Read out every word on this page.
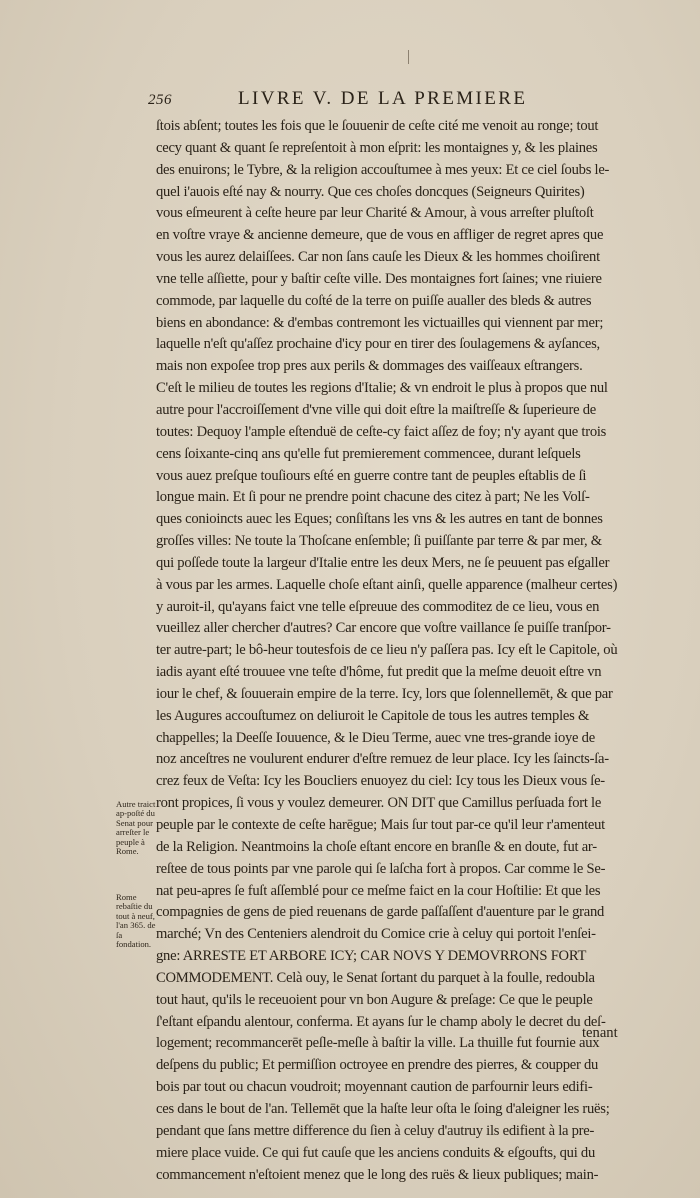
256	LIVRE V. DE LA PREMIERE
ſtois abſent; toutes les fois que le ſouuenir de ceſte cité me venoit au ronge; tout
cecy quant & quant ſe repreſentoit à mon eſprit: les montaignes y, & les plaines
des enuirons; le Tybre, & la religion accouſtumee à mes yeux: Et ce ciel ſoubs le-
quel i'auois eſté nay & nourry. Que ces choſes doncques (Seigneurs Quirites)
vous eſmeurent à ceſte heure par leur Charité & Amour, à vous arreſter pluſtoſt
en voſtre vraye & ancienne demeure, que de vous en affliger de regret apres que
vous les aurez delaiſſees. Car non ſans cauſe les Dieux & les hommes choiſirent
vne telle aſſiette, pour y baſtir ceſte ville. Des montaignes fort ſaines; vne riuiere
commode, par laquelle du coſté de la terre on puiſſe aualler des bleds & autres
biens en abondance: & d'embas contremont les victuailles qui viennent par mer;
laquelle n'eſt qu'aſſez prochaine d'icy pour en tirer des ſoulagemens & ayſances,
mais non expoſee trop pres aux perils & dommages des vaiſſeaux eſtrangers.
C'eſt le milieu de toutes les regions d'Italie; & vn endroit le plus à propos que nul
autre pour l'accroiſſement d'vne ville qui doit eſtre la maiſtreſſe & ſuperieure de
toutes: Dequoy l'ample eſtenduë de ceſte-cy faict aſſez de foy; n'y ayant que trois
cens ſoixante-cinq ans qu'elle fut premierement commencee, durant leſquels
vous auez preſque touſiours eſté en guerre contre tant de peuples eſtablis de ſi
longue main. Et ſi pour ne prendre point chacune des citez à part; Ne les Volſ-
ques conioincts auec les Eques; conſiſtans les vns & les autres en tant de bonnes
groſſes villes: Ne toute la Thoſcane enſemble; ſi puiſſante par terre & par mer, &
qui poſſede toute la largeur d'Italie entre les deux Mers, ne ſe peuuent pas eſgaller
à vous par les armes. Laquelle choſe eſtant ainſi, quelle apparence (malheur certes)
y auroit-il, qu'ayans faict vne telle eſpreuue des commoditez de ce lieu, vous en
vueillez aller chercher d'autres? Car encore que voſtre vaillance ſe puiſſe tranſpor-
ter autre-part; le bô-heur toutesfois de ce lieu n'y paſſera pas. Icy eſt le Capitole, où
iadis ayant eſté trouuee vne teſte d'hôme, fut predit que la meſme deuoit eſtre vn
iour le chef, & ſouuerain empire de la terre. Icy, lors que ſolennellemēt, & que par
les Augures accouſtumez on deliuroit le Capitole de tous les autres temples &
chappelles; la Deeſſe Iouuence, & le Dieu Terme, auec vne tres-grande ioye de
noz anceſtres ne voulurent endurer d'eſtre remuez de leur place. Icy les ſaincts-ſa-
crez feux de Veſta: Icy les Boucliers enuoyez du ciel: Icy tous les Dieux vous ſe-
ront propices, ſi vous y voulez demeurer. ON DIT que Camillus perſuada fort le
peuple par le contexte de ceſte harēgue; Mais ſur tout par-ce qu'il leur r'amenteut
de la Religion. Neantmoins la choſe eſtant encore en branſle & en doute, fut ar-
reſtee de tous points par vne parole qui ſe laſcha fort à propos. Car comme le Se-
nat peu-apres ſe fuſt aſſemblé pour ce meſme faict en la cour Hoſtilie: Et que les
compagnies de gens de pied reuenans de garde paſſaſſent d'auenture par le grand
marché; Vn des Centeniers alendroit du Comice crie à celuy qui portoit l'enſei-
gne: ARRESTE ET ARBORE ICY; CAR NOVS Y DEMOVRRONS FORT
COMMODEMENT. Celà ouy, le Senat ſortant du parquet à la foulle, redoubla
tout haut, qu'ils le receuoient pour vn bon Augure & preſage: Ce que le peuple
ſ'eſtant eſpandu alentour, conferma. Et ayans ſur le champ aboly le decret du deſ-
logement; recommancerēt peſle-meſle à baſtir la ville. La thuille fut fournie aux
deſpens du public; Et permiſſion octroyee en prendre des pierres, & coupper du
bois par tout ou chacun voudroit; moyennant caution de parfournir leurs edifi-
ces dans le bout de l'an. Tellemēt que la haſte leur oſta le ſoing d'aleigner les ruës;
pendant que ſans mettre difference du ſien à celuy d'autruy ils edifient à la pre-
miere place vuide. Ce qui fut cauſe que les anciens conduits & eſgoufts, qui du
commancement n'eſtoient menez que le long des ruës & lieux publiques; main-
tenant
Autre traict ap-poſté du Senat pour arreſter le peuple à Rome.
Rome rebaſtie du tout à neuf, l'an 365. de ſa fondation.
